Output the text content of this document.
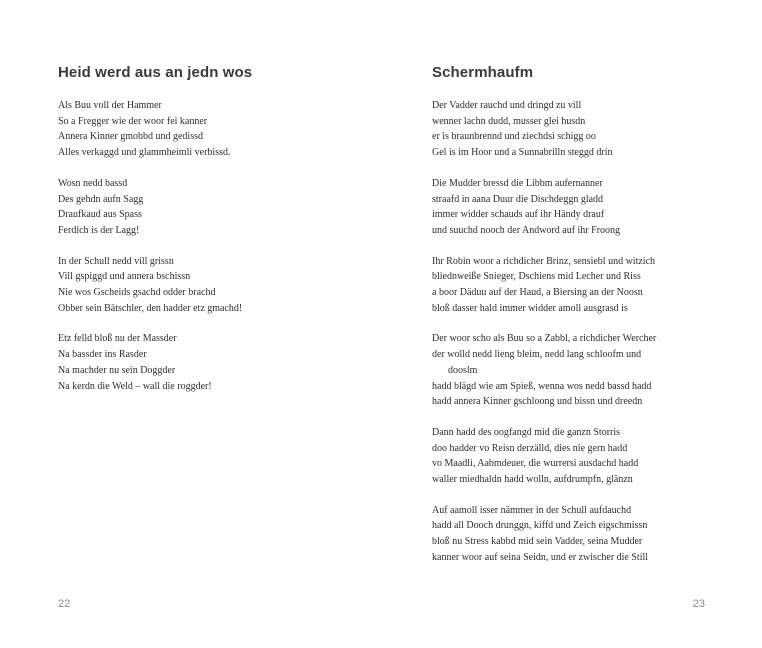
Heid werd aus an jedn wos
Als Buu voll der Hammer
So a Fregger wie der woor fei kanner
Annera Kinner gmobbd und gedissd
Alles verkaggd und glammheimli verbissd.
Wosn nedd bassd
Des gehdn aufn Sagg
Draufkaud aus Spass
Ferdich is der Lagg!
In der Schull nedd vill grissn
Vill gspiggd und annera bschissn
Nie wos Gscheids gsachd odder brachd
Obber sein Bätschler, den hadder etz gmachd!
Etz felld bloß nu der Massder
Na bassder ins Rasder
Na machder nu sein Doggder
Na kerdn die Weld – wall die roggder!
22
Schermhaufm
Der Vadder rauchd und dringd zu vill
wenner lachn dudd, musser glei husdn
er is braunbrennd und ziechdsi schigg oo
Gel is im Hoor und a Sunnabrilln steggd drin
Die Mudder bressd die Libbm aufernanner
straafd in aana Duur die Dischdeggn gladd
immer widder schauds auf ihr Händy drauf
und suuchd nooch der Andword auf ihr Froong
Ihr Robin woor a richdicher Brinz, sensiebl und witzich
bliednweiße Snieger, Dschiens mid Lecher und Riss
a boor Däduu auf der Haud, a Biersing an der Noosn
bloß dasser hald immer widder amoll ausgrasd is
Der woor scho als Buu so a Zabbl, a richdicher Wercher
der wolld nedd lieng bleim, nedd lang schloofm und
dooslm
hadd blägd wie am Spieß, wenna wos nedd bassd hadd
hadd annera Kinner gschloong und bissn und dreedn
Dann hadd des oogfangd mid die ganzn Storris
doo hadder vo Reisn derzälld, dies nie gern hadd
vo Maadli, Aabmdeuer, die wurrersi ausdachd hadd
waller miedhaldn hadd wolln, aufdrumpfn, glänzn
Auf aamoll isser nämmer in der Schull aufdauchd
hadd all Dooch drunggn, kiffd und Zeich eigschmissn
bloß nu Stress kabbd mid sein Vadder, seina Mudder
kanner woor auf seina Seidn, und er zwischer die Still
23
